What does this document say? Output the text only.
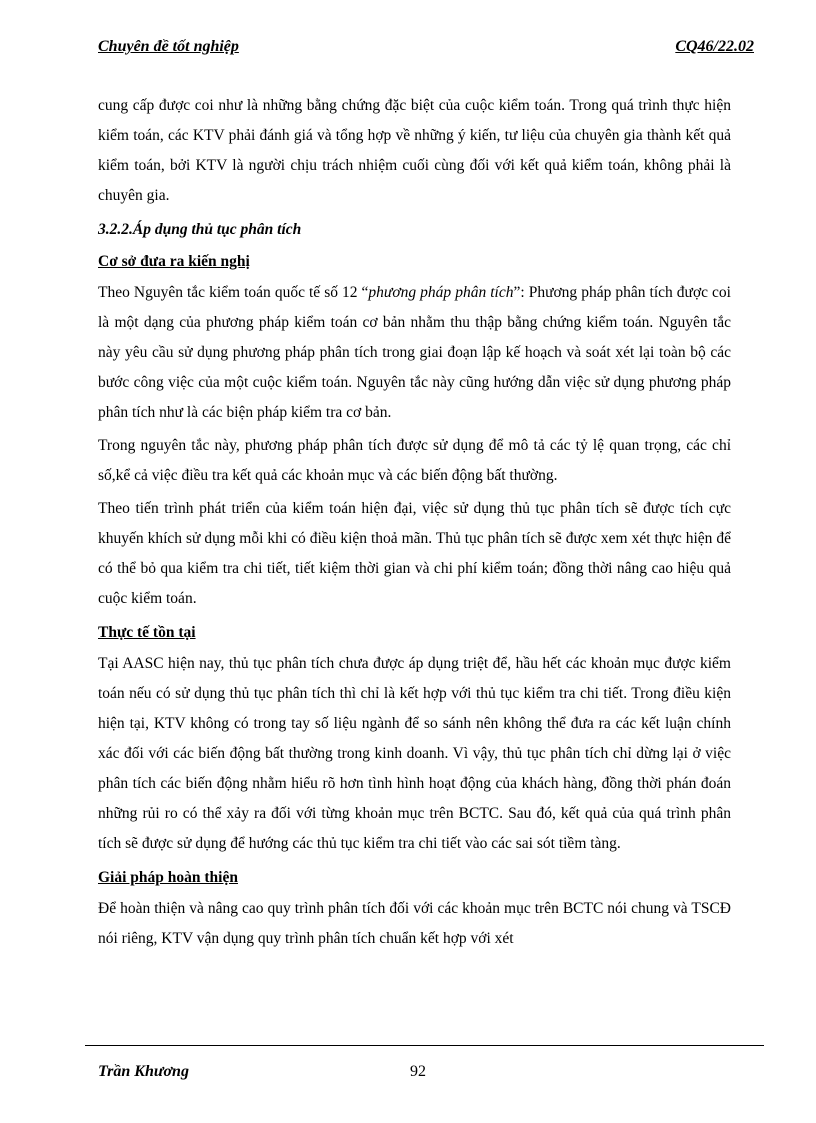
Chuyên đề tốt nghiệp	CQ46/22.02

cung cấp được coi như là những bằng chứng đặc biệt của cuộc kiểm toán. Trong quá trình thực hiện kiểm toán, các KTV phải đánh giá và tổng hợp về những ý kiến, tư liệu của chuyên gia thành kết quả kiểm toán, bởi KTV là người chịu trách nhiệm cuối cùng đối với kết quả kiểm toán, không phải là chuyên gia.

3.2.2.Áp dụng thủ tục phân tích

Cơ sở đưa ra kiến nghị

Theo Nguyên tắc kiểm toán quốc tế số 12 “phương pháp phân tích”: Phương pháp phân tích được coi là một dạng của phương pháp kiểm toán cơ bản nhằm thu thập bằng chứng kiểm toán. Nguyên tắc này yêu cầu sử dụng phương pháp phân tích trong giai đoạn lập kế hoạch và soát xét lại toàn bộ các bước công việc của một cuộc kiểm toán. Nguyên tắc này cũng hướng dẫn việc sử dụng phương pháp phân tích như là các biện pháp kiểm tra cơ bản.

Trong nguyên tắc này, phương pháp phân tích được sử dụng để mô tả các tỷ lệ quan trọng, các chỉ số,kể cả việc điều tra kết quả các khoản mục và các biến động bất thường.

Theo tiến trình phát triển của kiểm toán hiện đại, việc sử dụng thủ tục phân tích sẽ được tích cực khuyến khích sử dụng mỗi khi có điều kiện thoả mãn. Thủ tục phân tích sẽ được xem xét thực hiện để có thể bỏ qua kiểm tra chi tiết, tiết kiệm thời gian và chi phí kiểm toán; đồng thời nâng cao hiệu quả cuộc kiểm toán.

Thực tế tồn tại

Tại AASC hiện nay, thủ tục phân tích chưa được áp dụng triệt để, hầu hết các khoản mục được kiểm toán nếu có sử dụng thủ tục phân tích thì chỉ là kết hợp với thủ tục kiểm tra chi tiết. Trong điều kiện hiện tại, KTV không có trong tay số liệu ngành để so sánh nên không thể đưa ra các kết luận chính xác đối với các biến động bất thường trong kinh doanh. Vì vậy, thủ tục phân tích chỉ dừng lại ở việc phân tích các biến động nhằm hiểu rõ hơn tình hình hoạt động của khách hàng, đồng thời phán đoán những rủi ro có thể xảy ra đối với từng khoản mục trên BCTC. Sau đó, kết quả của quá trình phân tích sẽ được sử dụng để hướng các thủ tục kiểm tra chi tiết vào các sai sót tiềm tàng.

Giải pháp hoàn thiện

Để hoàn thiện và nâng cao quy trình phân tích đối với các khoản mục trên BCTC nói chung và TSCĐ nói riêng, KTV vận dụng quy trình phân tích chuẩn kết hợp với xét

Trần Khương	92
